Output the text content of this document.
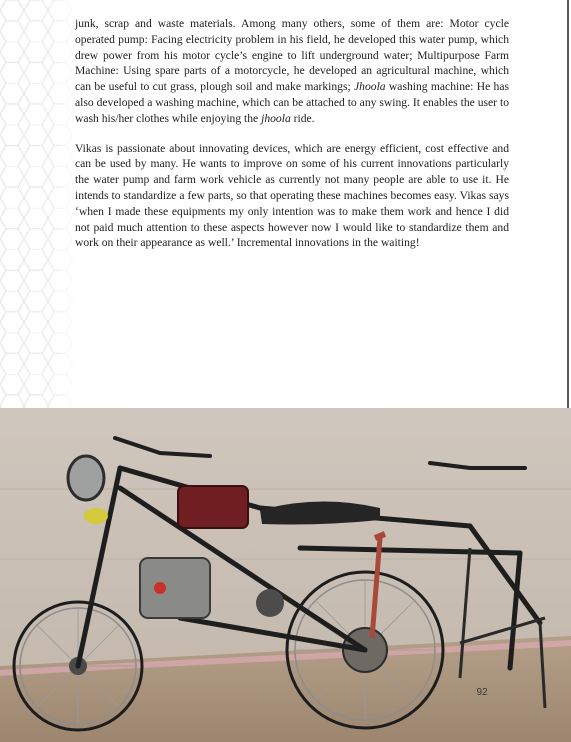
junk, scrap and waste materials. Among many others, some of them are: Motor cycle operated pump: Facing electricity problem in his field, he developed this water pump, which drew power from his motor cycle’s engine to lift underground water; Multipurpose Farm Machine: Using spare parts of a motorcycle, he developed an agricultural machine, which can be useful to cut grass, plough soil and make markings; Jhoola washing machine: He has also developed a washing machine, which can be attached to any swing. It enables the user to wash his/her clothes while enjoying the jhoola ride.

Vikas is passionate about innovating devices, which are energy efficient, cost effective and can be used by many. He wants to improve on some of his current innovations particularly the water pump and farm work vehicle as currently not many people are able to use it. He intends to standardize a few parts, so that operating these machines becomes easy. Vikas says ‘when I made these equipments my only intention was to make them work and hence I did not paid much attention to these aspects however now I would like to standardize them and work on their appearance as well.’ Incremental innovations in the waiting!

92
